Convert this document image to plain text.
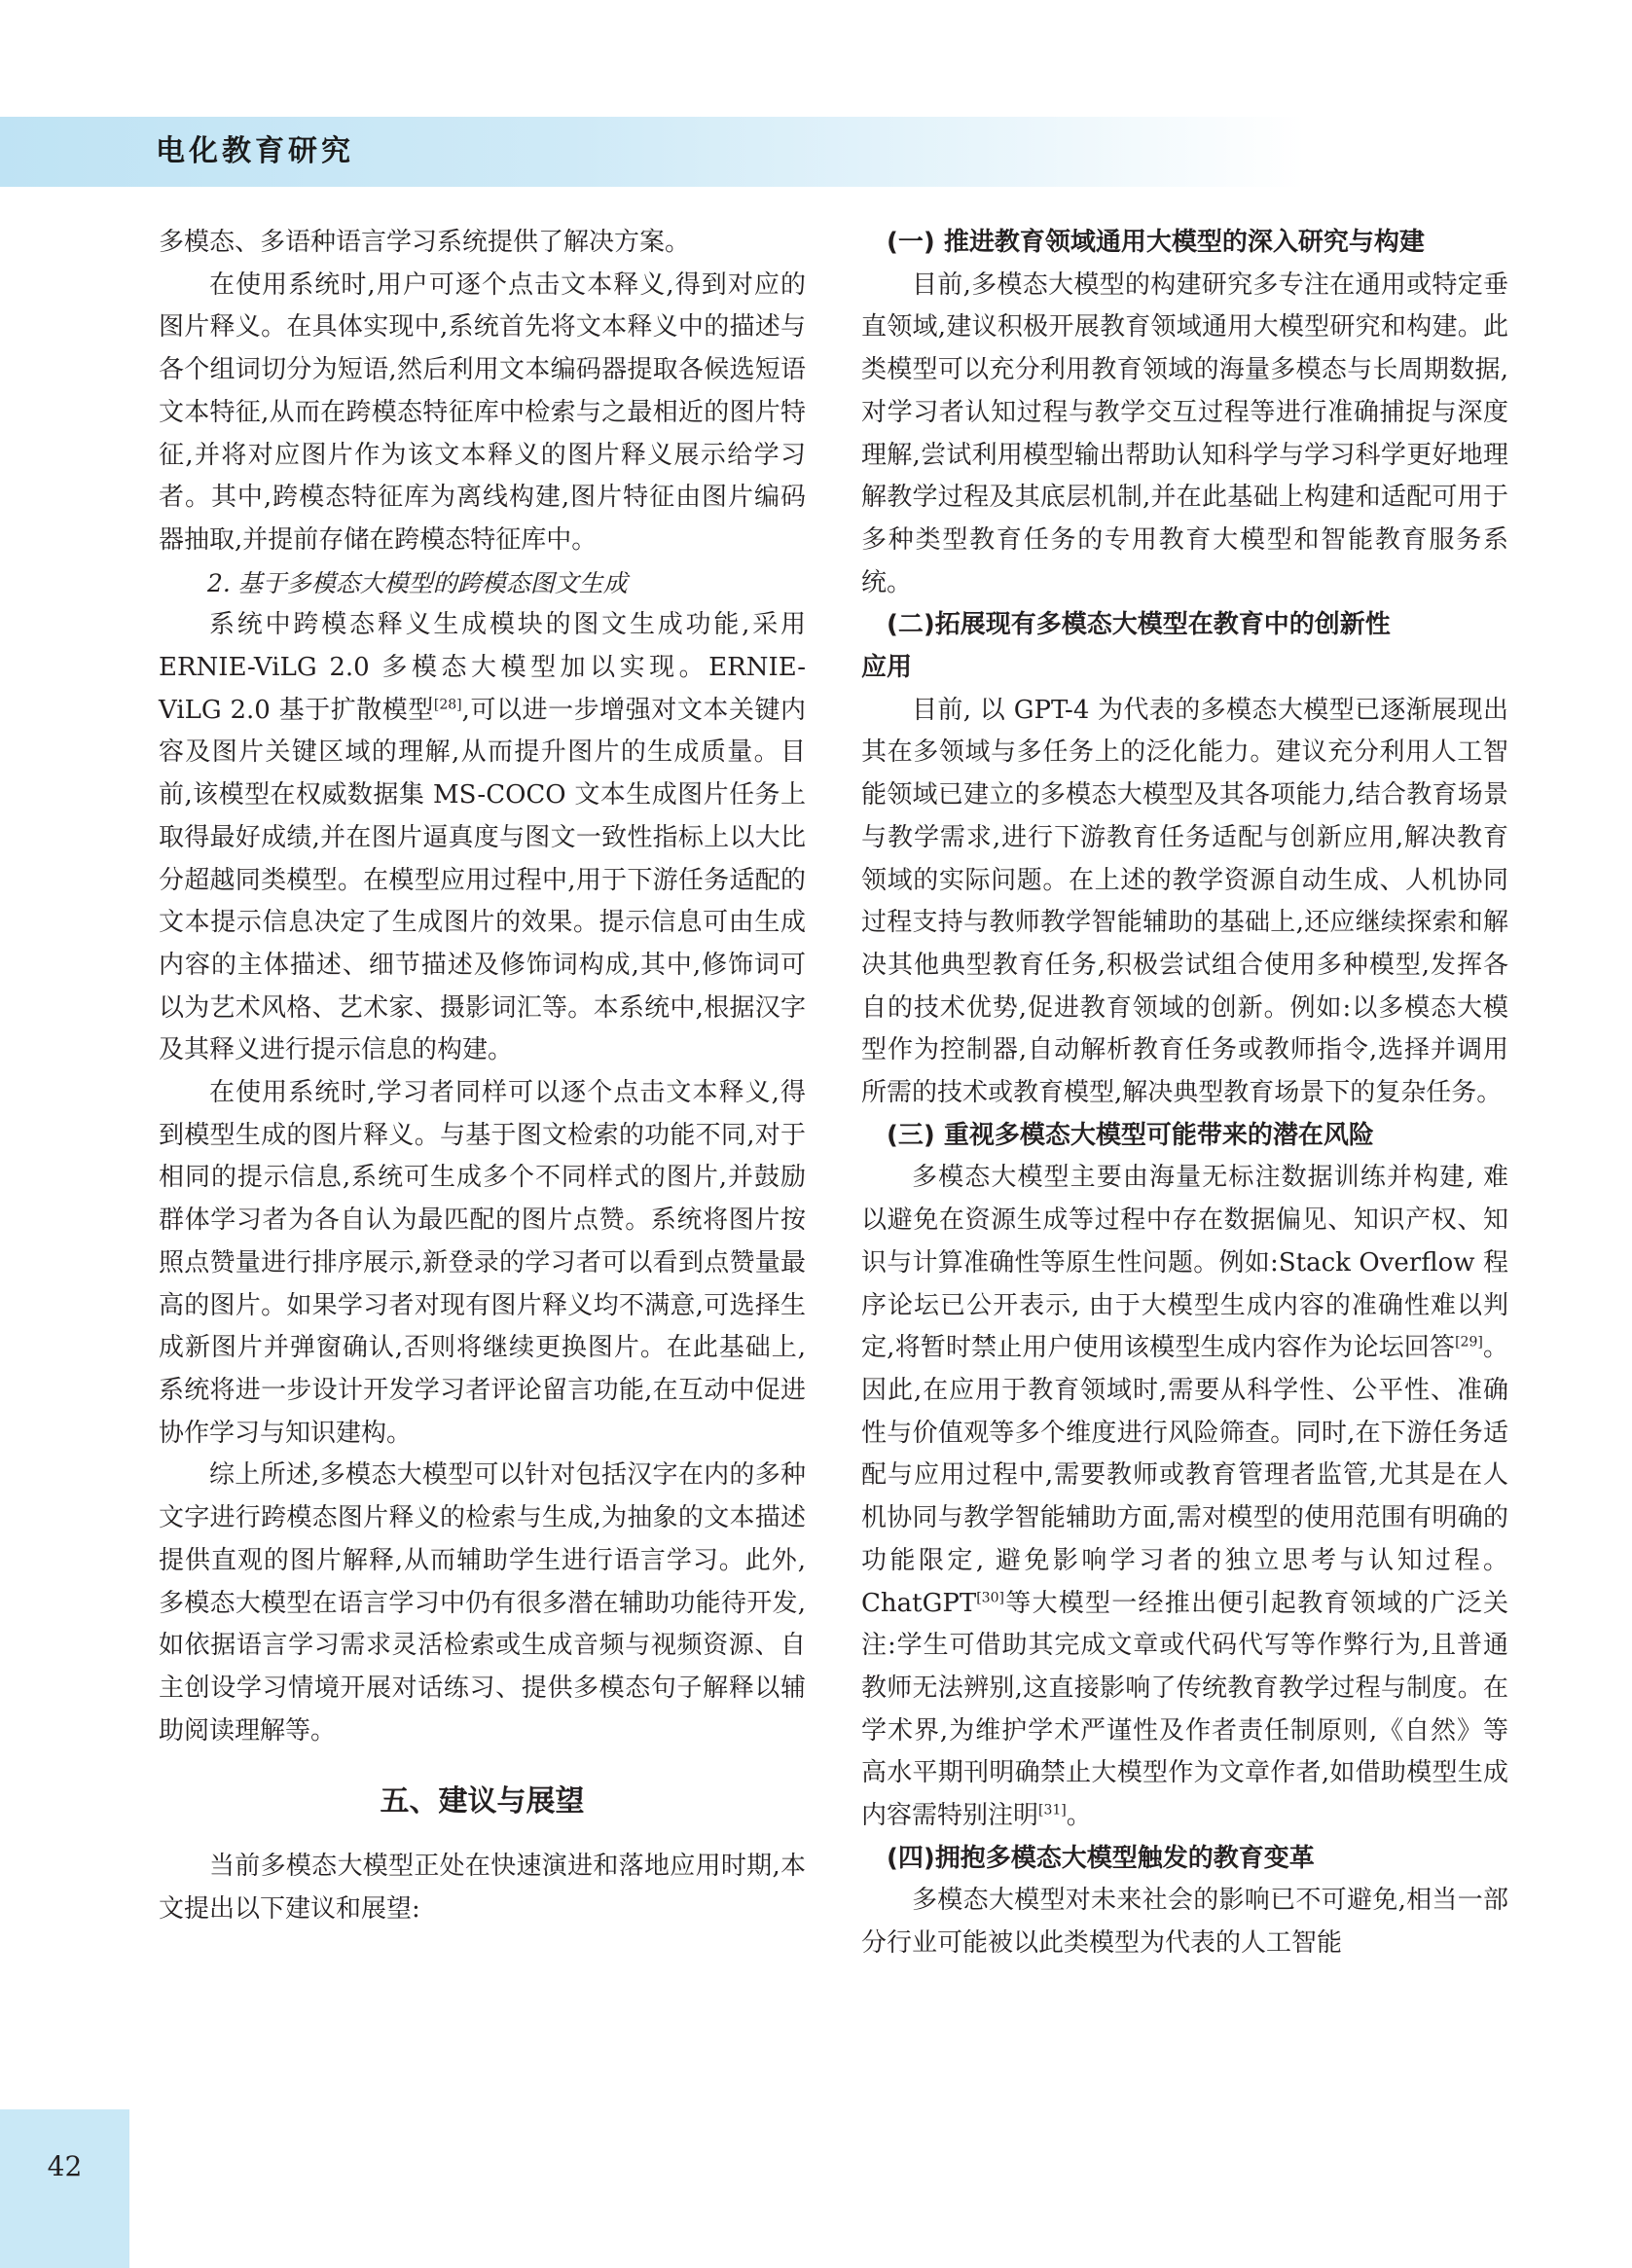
电化教育研究

多模态、多语种语言学习系统提供了解决方案。

在使用系统时,用户可逐个点击文本释义,得到对应的图片释义。在具体实现中,系统首先将文本释义中的描述与各个组词切分为短语,然后利用文本编码器提取各候选短语文本特征,从而在跨模态特征库中检索与之最相近的图片特征,并将对应图片作为该文本释义的图片释义展示给学习者。其中,跨模态特征库为离线构建,图片特征由图片编码器抽取,并提前存储在跨模态特征库中。

2. 基于多模态大模型的跨模态图文生成

系统中跨模态释义生成模块的图文生成功能,采用 ERNIE-ViLG 2.0 多模态大模型加以实现。ERNIE-ViLG 2.0 基于扩散模型[28],可以进一步增强对文本关键内容及图片关键区域的理解,从而提升图片的生成质量。目前,该模型在权威数据集 MS-COCO 文本生成图片任务上取得最好成绩,并在图片逼真度与图文一致性指标上以大比分超越同类模型。在模型应用过程中,用于下游任务适配的文本提示信息决定了生成图片的效果。提示信息可由生成内容的主体描述、细节描述及修饰词构成,其中,修饰词可以为艺术风格、艺术家、摄影词汇等。本系统中,根据汉字及其释义进行提示信息的构建。

在使用系统时,学习者同样可以逐个点击文本释义,得到模型生成的图片释义。与基于图文检索的功能不同,对于相同的提示信息,系统可生成多个不同样式的图片,并鼓励群体学习者为各自认为最匹配的图片点赞。系统将图片按照点赞量进行排序展示,新登录的学习者可以看到点赞量最高的图片。如果学习者对现有图片释义均不满意,可选择生成新图片并弹窗确认,否则将继续更换图片。在此基础上,系统将进一步设计开发学习者评论留言功能,在互动中促进协作学习与知识建构。

综上所述,多模态大模型可以针对包括汉字在内的多种文字进行跨模态图片释义的检索与生成,为抽象的文本描述提供直观的图片解释,从而辅助学生进行语言学习。此外,多模态大模型在语言学习中仍有很多潜在辅助功能待开发,如依据语言学习需求灵活检索或生成音频与视频资源、自主创设学习情境开展对话练习、提供多模态句子解释以辅助阅读理解等。

五、建议与展望

当前多模态大模型正处在快速演进和落地应用时期,本文提出以下建议和展望:

(一) 推进教育领域通用大模型的深入研究与构建

目前,多模态大模型的构建研究多专注在通用或特定垂直领域,建议积极开展教育领域通用大模型研究和构建。此类模型可以充分利用教育领域的海量多模态与长周期数据,对学习者认知过程与教学交互过程等进行准确捕捉与深度理解,尝试利用模型输出帮助认知科学与学习科学更好地理解教学过程及其底层机制,并在此基础上构建和适配可用于多种类型教育任务的专用教育大模型和智能教育服务系统。

(二)拓展现有多模态大模型在教育中的创新性

应用

目前, 以 GPT-4 为代表的多模态大模型已逐渐展现出其在多领域与多任务上的泛化能力。建议充分利用人工智能领域已建立的多模态大模型及其各项能力,结合教育场景与教学需求,进行下游教育任务适配与创新应用,解决教育领域的实际问题。在上述的教学资源自动生成、人机协同过程支持与教师教学智能辅助的基础上,还应继续探索和解决其他典型教育任务,积极尝试组合使用多种模型,发挥各自的技术优势,促进教育领域的创新。例如:以多模态大模型作为控制器,自动解析教育任务或教师指令,选择并调用所需的技术或教育模型,解决典型教育场景下的复杂任务。

(三) 重视多模态大模型可能带来的潜在风险

多模态大模型主要由海量无标注数据训练并构建, 难以避免在资源生成等过程中存在数据偏见、知识产权、知识与计算准确性等原生性问题。例如:Stack Overflow 程序论坛已公开表示, 由于大模型生成内容的准确性难以判定,将暂时禁止用户使用该模型生成内容作为论坛回答[29]。因此,在应用于教育领域时,需要从科学性、公平性、准确性与价值观等多个维度进行风险筛查。同时,在下游任务适配与应用过程中,需要教师或教育管理者监管,尤其是在人机协同与教学智能辅助方面,需对模型的使用范围有明确的功能限定, 避免影响学习者的独立思考与认知过程。ChatGPT[30]等大模型一经推出便引起教育领域的广泛关注:学生可借助其完成文章或代码代写等作弊行为,且普通教师无法辨别,这直接影响了传统教育教学过程与制度。在学术界,为维护学术严谨性及作者责任制原则,《自然》等高水平期刊明确禁止大模型作为文章作者,如借助模型生成内容需特别注明[31]。

(四)拥抱多模态大模型触发的教育变革

多模态大模型对未来社会的影响已不可避免,相当一部分行业可能被以此类模型为代表的人工智能

42
